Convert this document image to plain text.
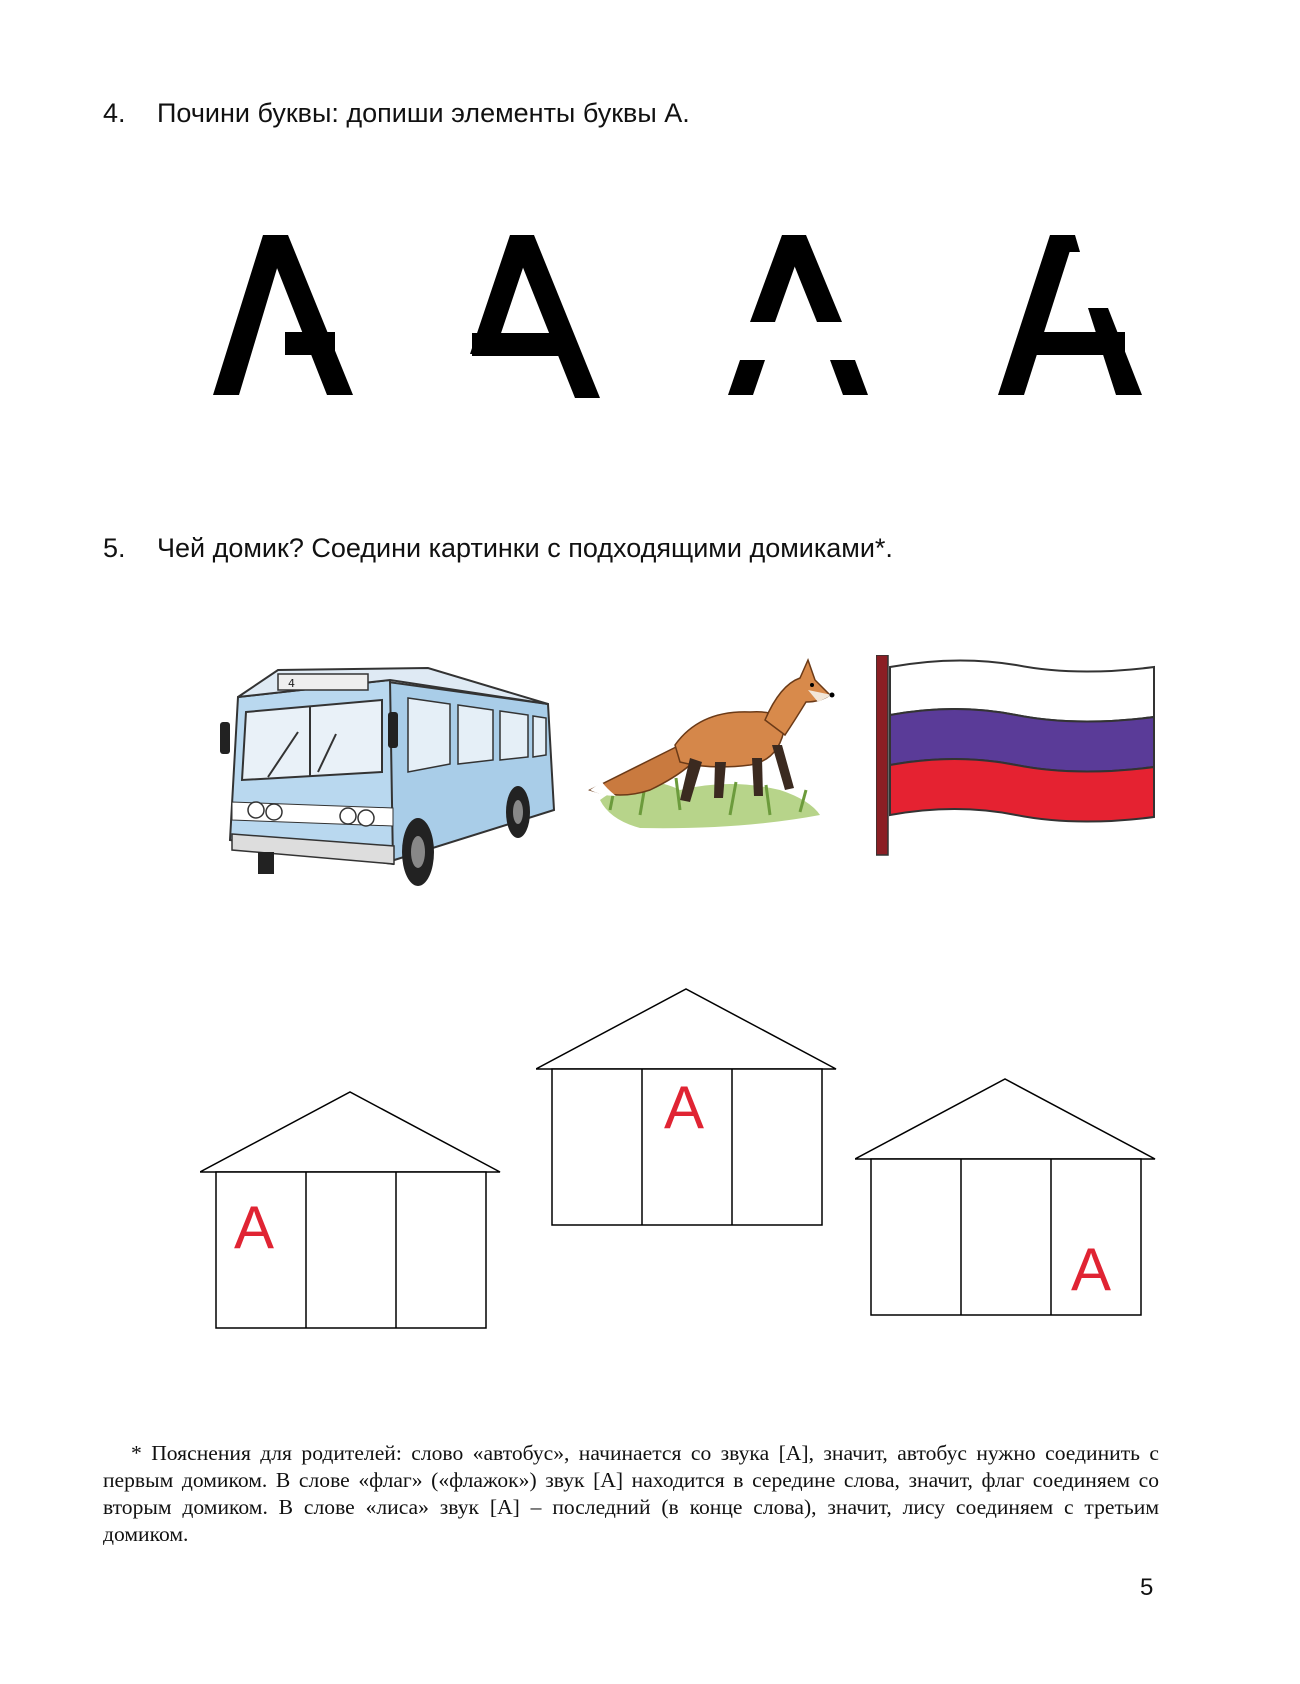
4. Почини буквы: допиши элементы буквы А.
5. Чей домик? Соедини картинки с подходящими домиками*.
4
А
А
А

* Пояснения для родителей: слово «автобус», начинается со звука [А], значит, автобус нужно соединить с первым домиком. В слове «флаг» («флажок») звук [А] находится в середине слова, значит, флаг соединяем со вторым домиком. В слове «лиса» звук [А] – последний (в конце слова), значит, лису соединяем с третьим домиком.

5
